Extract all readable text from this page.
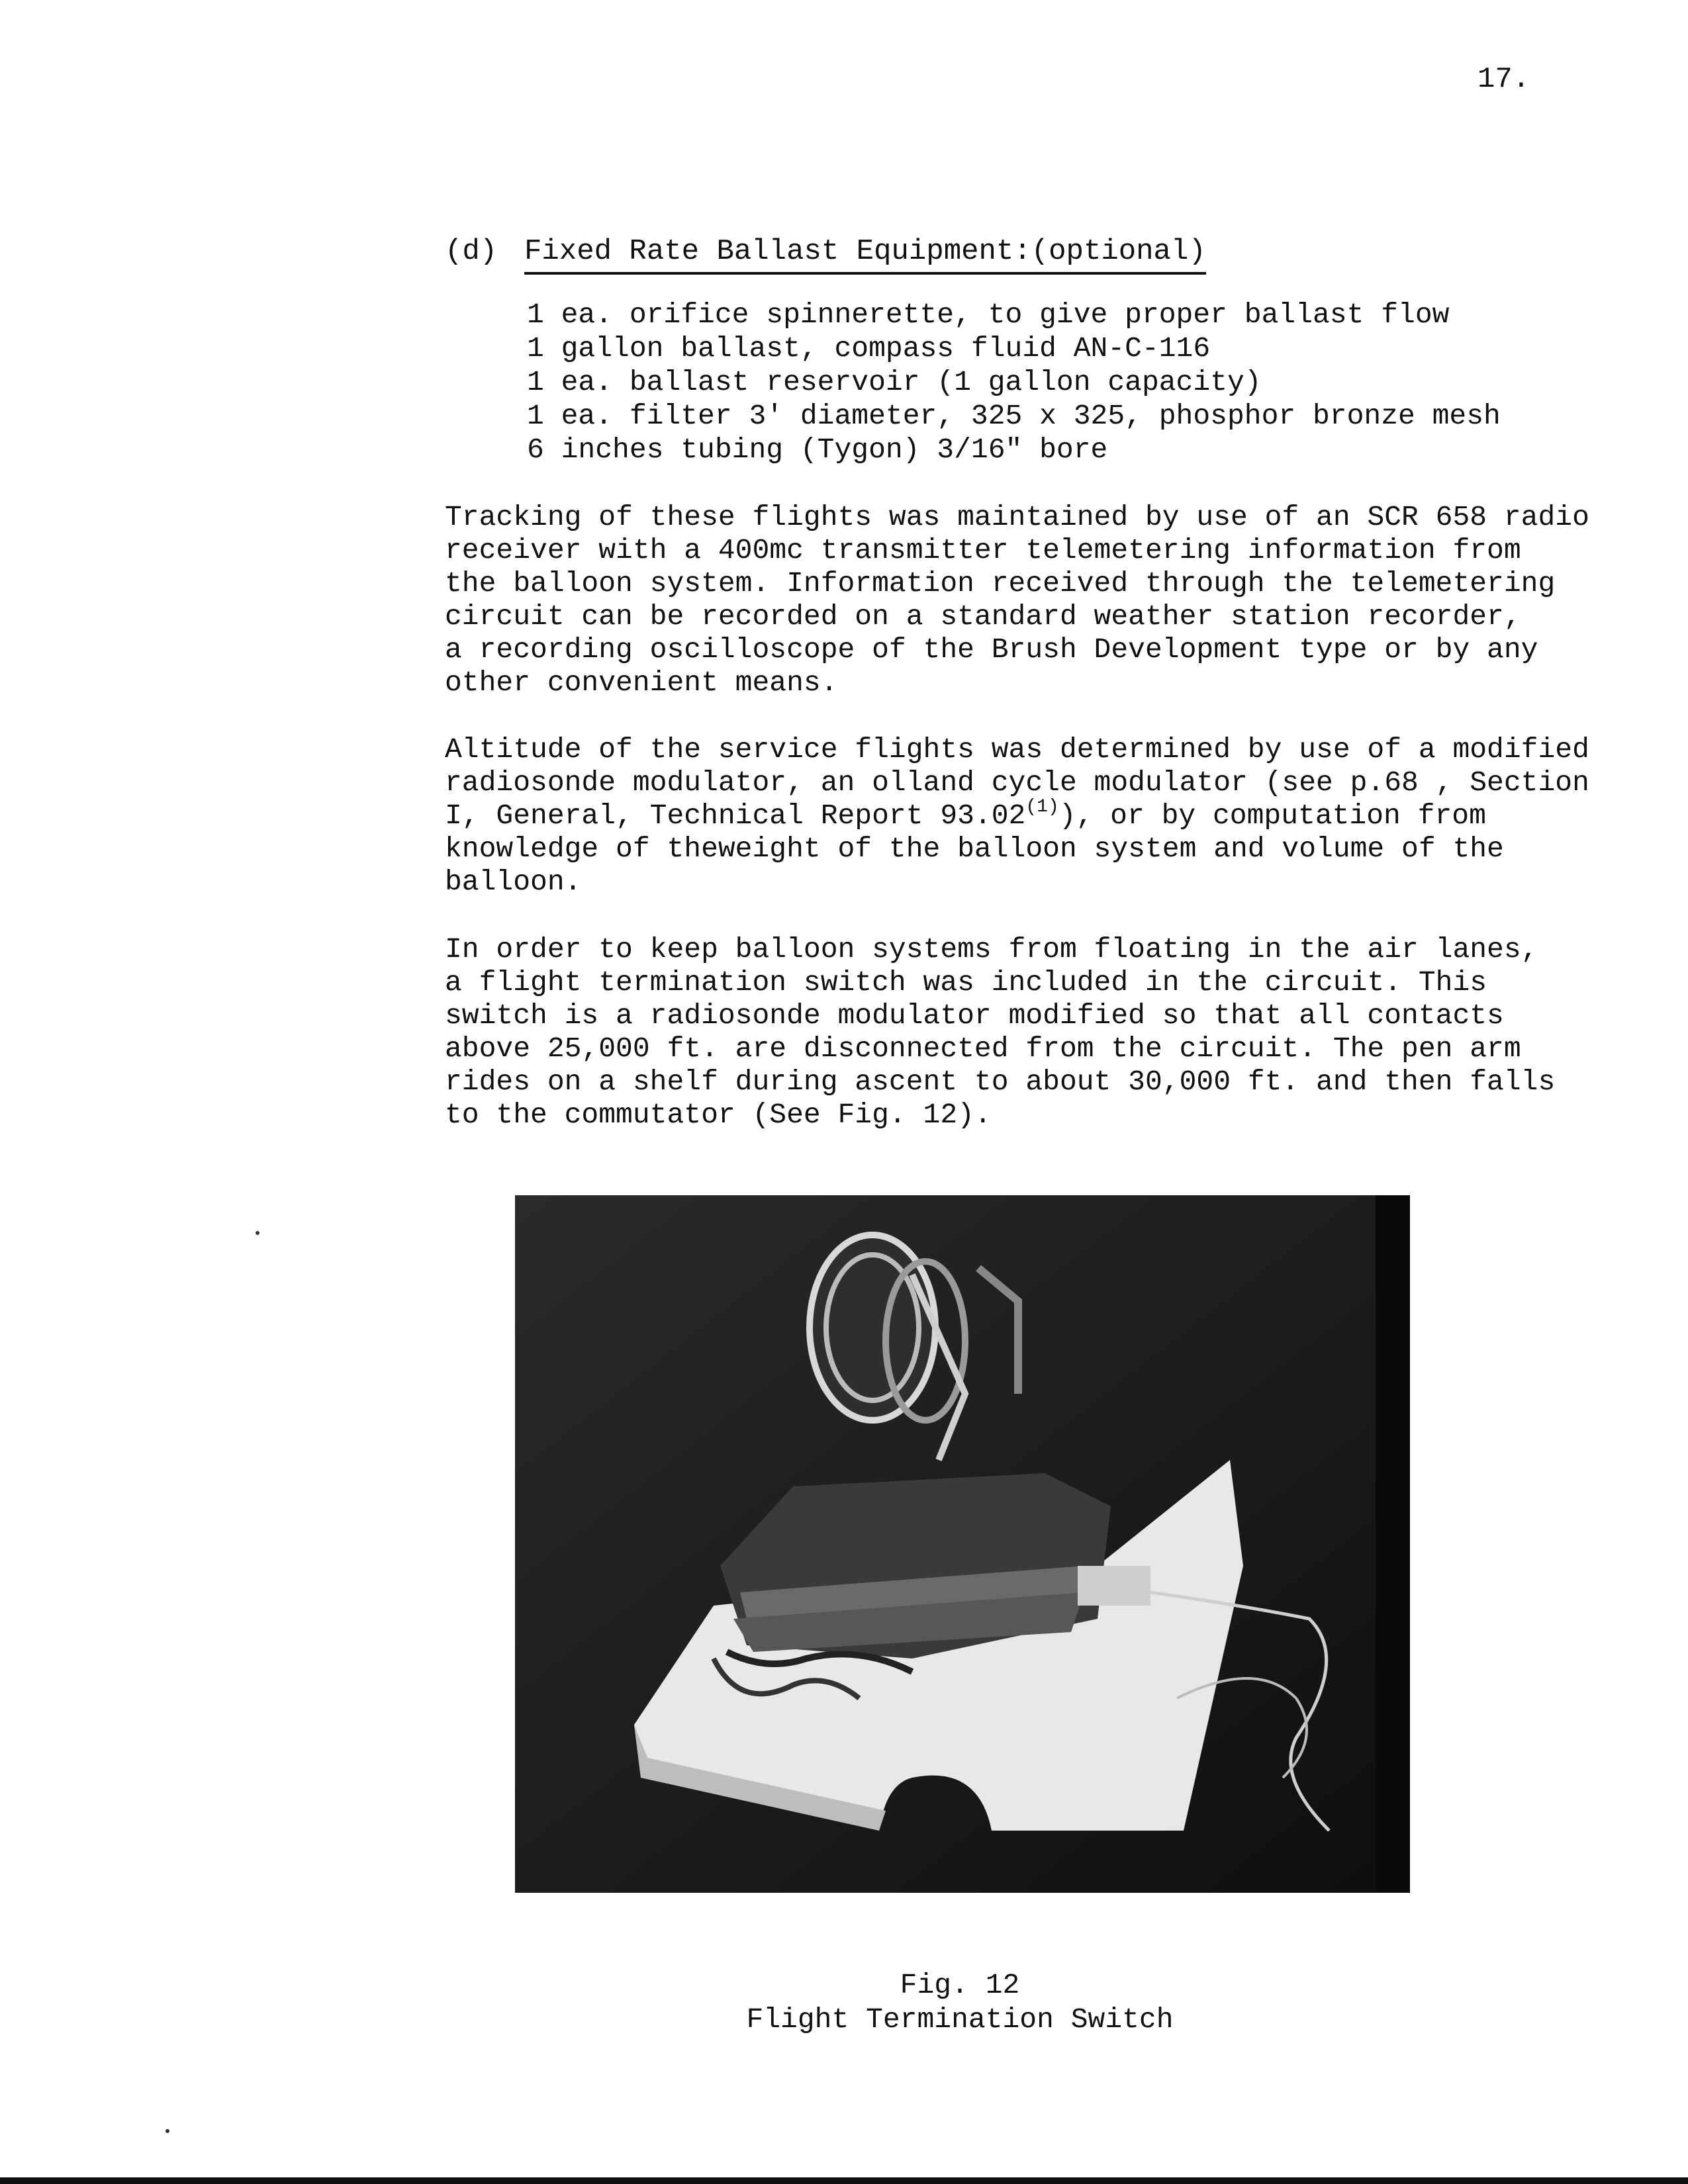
17.
(d) Fixed Rate Ballast Equipment:(optional)
1 ea. orifice spinnerette, to give proper ballast flow
1 gallon ballast, compass fluid AN-C-116
1 ea. ballast reservoir (1 gallon capacity)
1 ea. filter 3' diameter, 325 x 325, phosphor bronze mesh
6 inches tubing (Tygon) 3/16" bore

Tracking of these flights was maintained by use of an SCR 658 radio
receiver with a 400mc transmitter telemetering information from
the balloon system. Information received through the telemetering
circuit can be recorded on a standard weather station recorder,
a recording oscilloscope of the Brush Development type or by any
other convenient means.

Altitude of the service flights was determined by use of a modified
radiosonde modulator, an olland cycle modulator (see p.68 , Section
I, General, Technical Report 93.02$^{(1)}$), or by computation from
knowledge of theweight of the balloon system and volume of the
balloon.

In order to keep balloon systems from floating in the air lanes,
a flight termination switch was included in the circuit. This
switch is a radiosonde modulator modified so that all contacts
above 25,000 ft. are disconnected from the circuit. The pen arm
rides on a shelf during ascent to about 30,000 ft. and then falls
to the commutator (See Fig. 12).

Fig. 12
Flight Termination Switch
